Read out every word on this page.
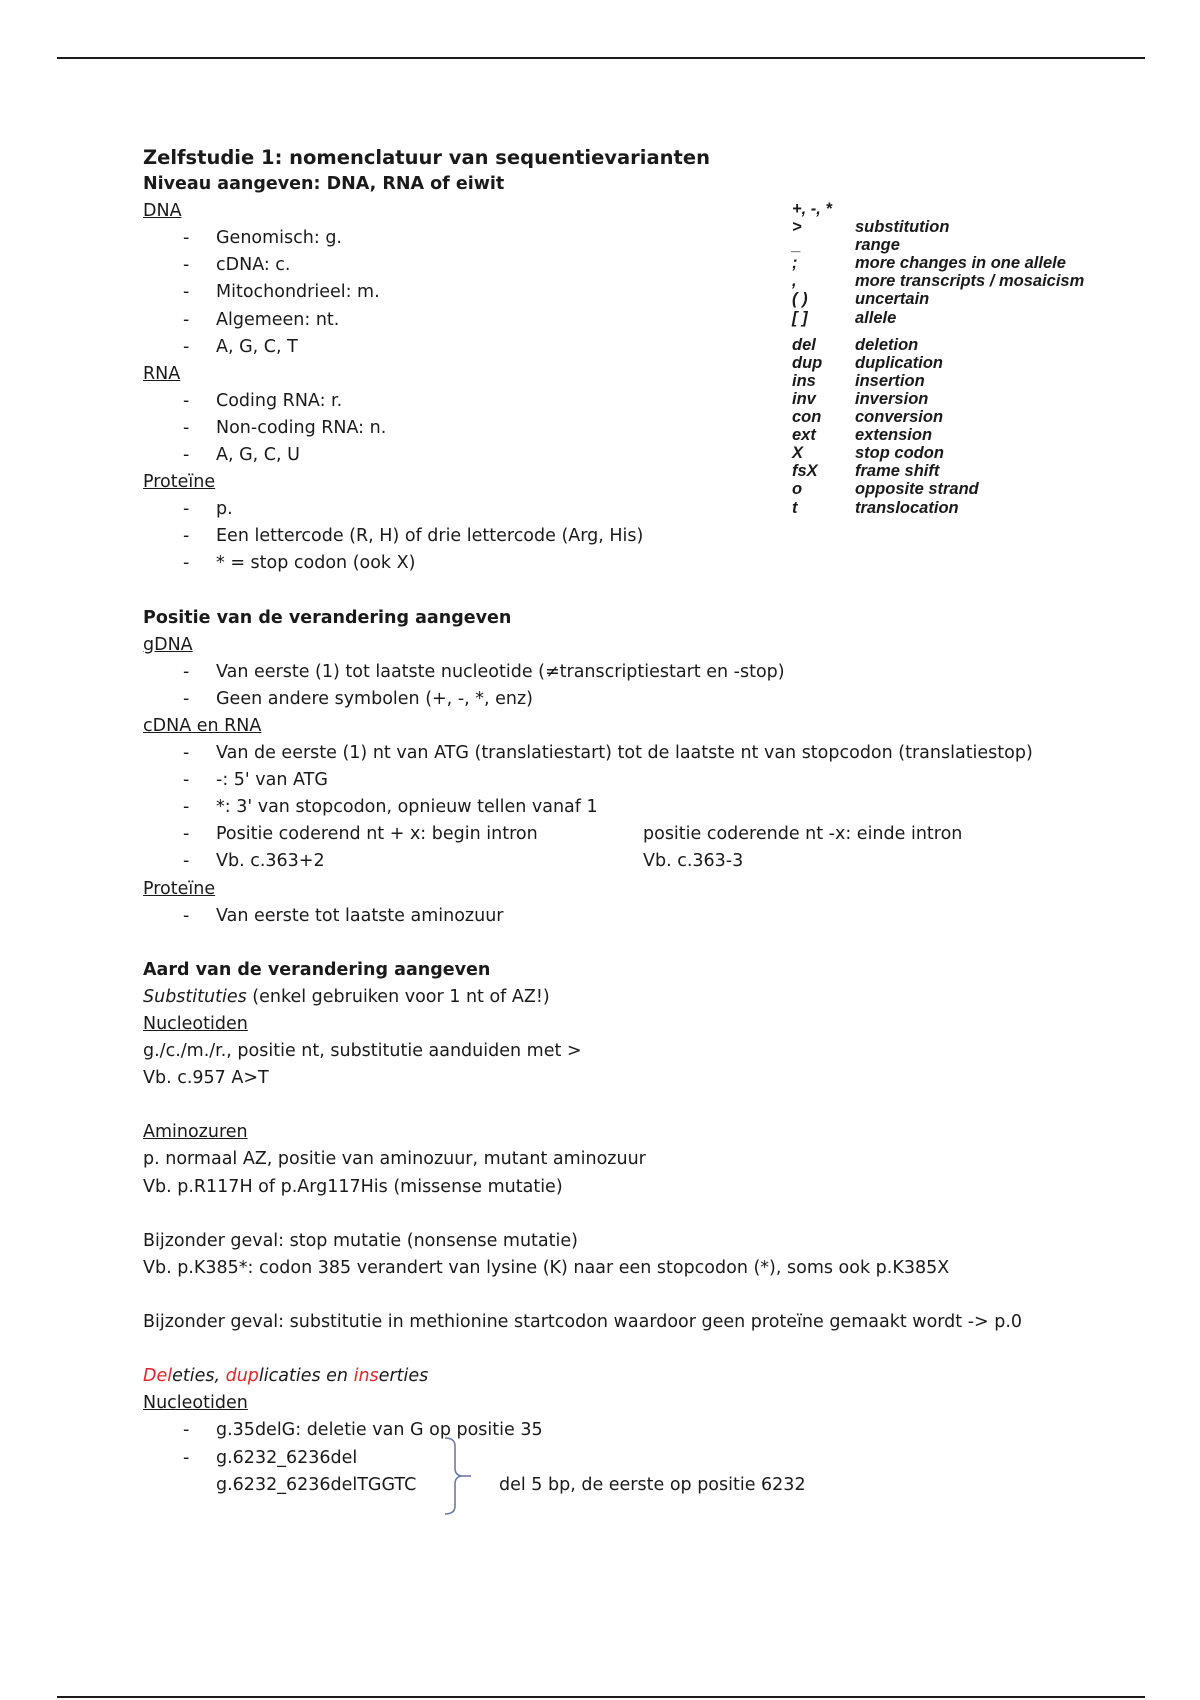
+, -, *
>	substitution
_	range
;	more changes in one allele
,	more transcripts / mosaicism
( )	uncertain
[ ]	allele
del deletion
dup duplication
ins insertion
inv inversion
con conversion
ext extension
X	stop codon
fsX frame shift
o	opposite strand
t	translocation
Zelfstudie 1: nomenclatuur van sequentievarianten
Niveau aangeven: DNA, RNA of eiwit
DNA
- Genomisch: g.
- cDNA: c.
- Mitochondrieel: m.
- Algemeen: nt.
- A, G, C, T
RNA
- Coding RNA: r.
- Non-coding RNA: n.
- A, G, C, U
Proteïne
- p.
- Een lettercode (R, H) of drie lettercode (Arg, His)
- * = stop codon (ook X)
Positie van de verandering aangeven
gDNA
- Van eerste (1) tot laatste nucleotide (≠transcriptiestart en -stop)
- Geen andere symbolen (+, -, *, enz)
cDNA en RNA
- Van de eerste (1) nt van ATG (translatiestart) tot de laatste nt van stopcodon (translatiestop)
- -: 5' van ATG
- *: 3' van stopcodon, opnieuw tellen vanaf 1
- Positie coderend nt + x: begin intron	positie coderende nt -x: einde intron
- Vb. c.363+2	Vb. c.363-3
Proteïne
- Van eerste tot laatste aminozuur
Aard van de verandering aangeven
Substituties (enkel gebruiken voor 1 nt of AZ!)
Nucleotiden
g./c./m./r., positie nt, substitutie aanduiden met >
Vb. c.957 A>T
Aminozuren
p. normaal AZ, positie van aminozuur, mutant aminozuur
Vb. p.R117H of p.Arg117His (missense mutatie)
Bijzonder geval: stop mutatie (nonsense mutatie)
Vb. p.K385*: codon 385 verandert van lysine (K) naar een stopcodon (*), soms ook p.K385X
Bijzonder geval: substitutie in methionine startcodon waardoor geen proteïne gemaakt wordt -> p.0
Deleties, duplicaties en inserties
Nucleotiden
- g.35delG: deletie van G op positie 35
- g.6232_6236del
g.6232_6236delTGGTC	del 5 bp, de eerste op positie 6232
